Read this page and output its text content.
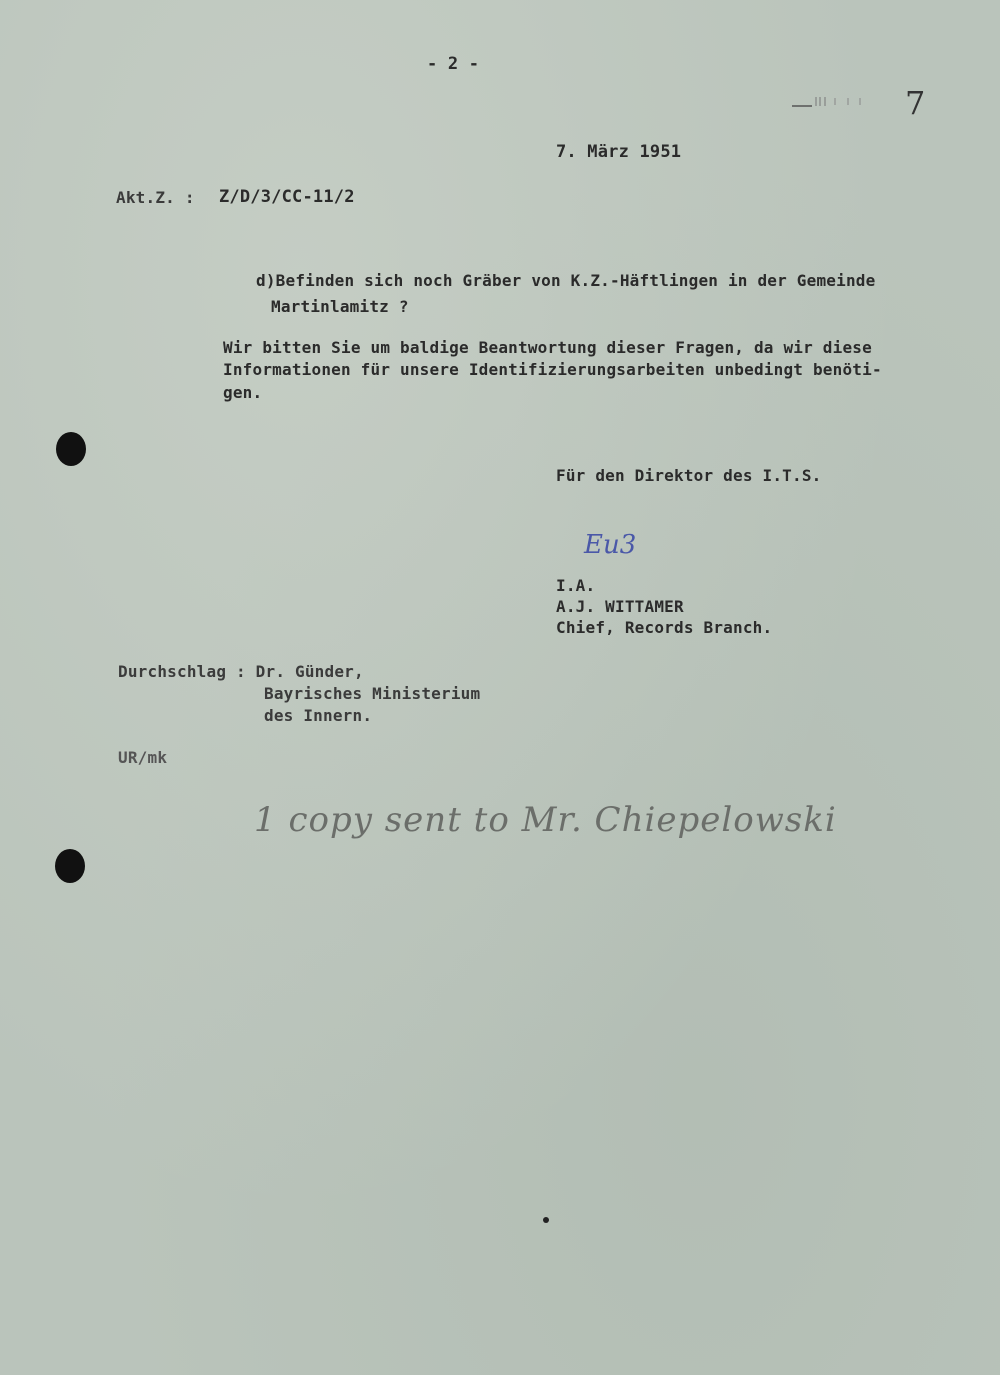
- 2 -
7
7. März 1951
Akt.Z. : Z/D/3/CC-11/2
d)Befinden sich noch Gräber von K.Z.-Häftlingen in der Gemeinde
Martinlamitz ?
Wir bitten Sie um baldige Beantwortung dieser Fragen, da wir diese
Informationen für unsere Identifizierungsarbeiten unbedingt benöti-
gen.
Für den Direktor des I.T.S.
Eu3
I.A.
A.J. WITTAMER
Chief, Records Branch.
Durchschlag : Dr. Günder,
Bayrisches Ministerium
des Innern.
UR/mk
1 copy sent to Mr. Chiepelowski
